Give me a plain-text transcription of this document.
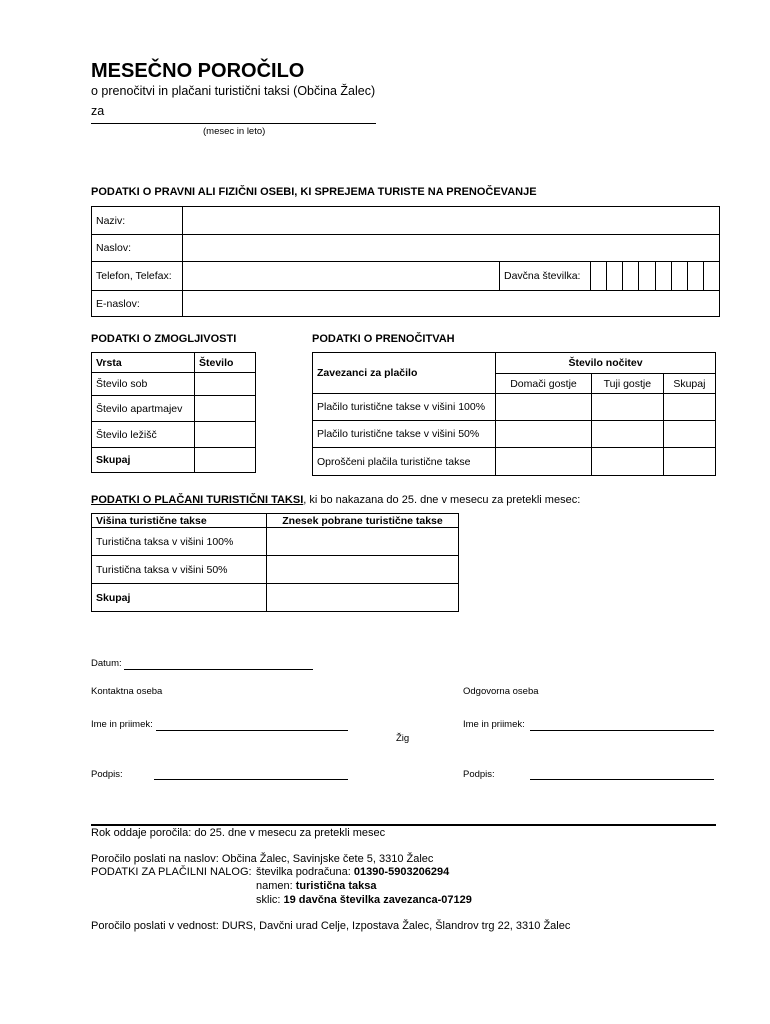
MESEČNO POROČILO
o prenočitvi in plačani turistični taksi (Občina Žalec)
za
(mesec in leto)
PODATKI O PRAVNI ALI FIZIČNI OSEBI, KI SPREJEMA TURISTE NA PRENOČEVANJE
Naziv:		
Naslov:		
Telefon, Telefax:	Davčna številka:	

E-naslov:		
PODATKI O ZMOGLJIVOSTI
Vrsta	Število
Število sob	
Število apartmajev	
Število ležišč	
Skupaj	
PODATKI O PRENOČITVAH
Zavezanci za plačilo	Število nočitev		
	Domači gostje	Tuji gostje	Skupaj
Plačilo turistične takse v višini 100%			
Plačilo turistične takse v višini 50%			
Oproščeni plačila turistične takse			
PODATKI O PLAČANI TURISTIČNI TAKSI, ki bo nakazana do 25. dne v mesecu za pretekli mesec:
Višina turistične takse	Znesek pobrane turistične takse
Turistična taksa v višini 100%	
Turistična taksa v višini 50%	
Skupaj	
Datum:
Kontaktna oseba	Odgovorna oseba
Ime in priimek:	Ime in priimek:
Žig
Podpis:	Podpis:
Rok oddaje poročila: do 25. dne v mesecu za pretekli mesec
Poročilo poslati na naslov: Občina Žalec, Savinjske čete 5, 3310 Žalec
PODATKI ZA PLAČILNI NALOG: številka podračuna: 01390-5903206294
namen: turistična taksa
sklic: 19 davčna številka zavezanca-07129
Poročilo poslati v vednost: DURS, Davčni urad Celje, Izpostava Žalec, Šlandrov trg 22, 3310 Žalec
